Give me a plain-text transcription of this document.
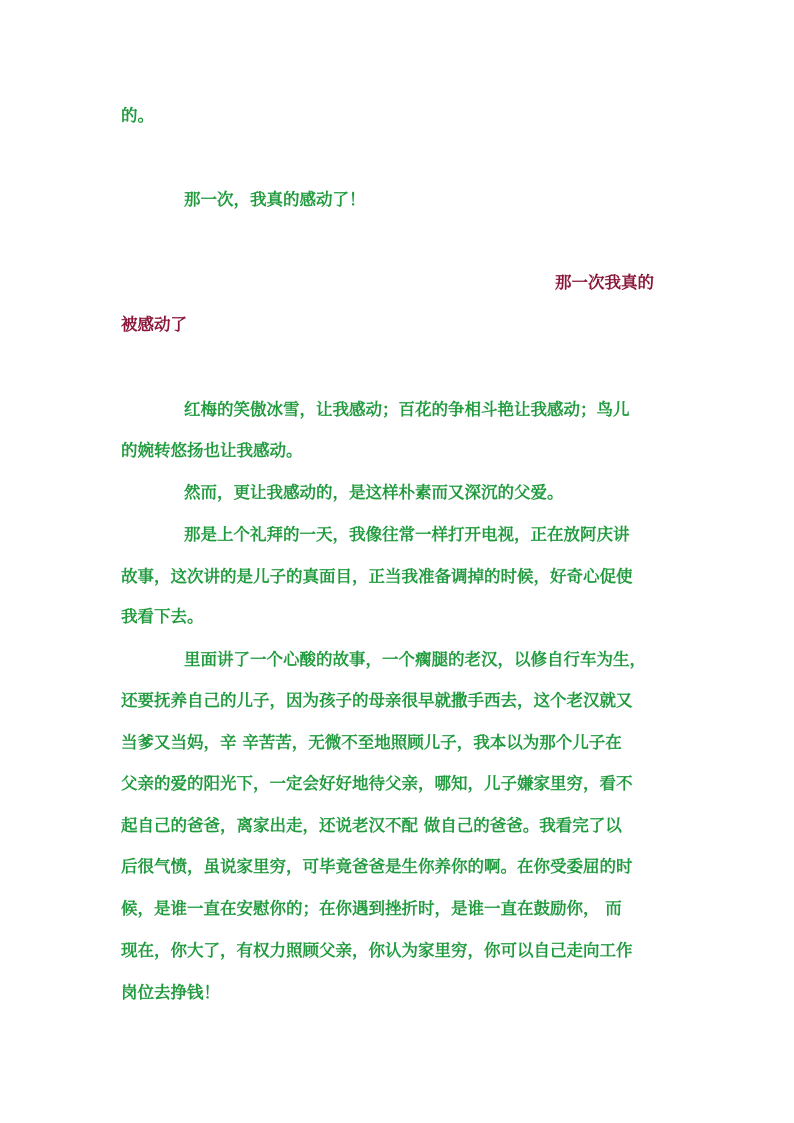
的。
那一次，我真的感动了！
那一次我真的
被感动了
红梅的笑傲冰雪，让我感动；百花的争相斗艳让我感动；鸟儿
的婉转悠扬也让我感动。
然而，更让我感动的，是这样朴素而又深沉的父爱。
那是上个礼拜的一天，我像往常一样打开电视，正在放阿庆讲
故事，这次讲的是儿子的真面目，正当我准备调掉的时候，好奇心促使
我看下去。
里面讲了一个心酸的故事，一个瘸腿的老汉，以修自行车为生，
还要抚养自己的儿子，因为孩子的母亲很早就撒手西去，这个老汉就又
当爹又当妈，辛 辛苦苦，无微不至地照顾儿子，我本以为那个儿子在
父亲的爱的阳光下，一定会好好地待父亲，哪知，儿子嫌家里穷，看不
起自己的爸爸，离家出走，还说老汉不配 做自己的爸爸。我看完了以
后很气愤，虽说家里穷，可毕竟爸爸是生你养你的啊。在你受委屈的时
候，是谁一直在安慰你的；在你遇到挫折时，是谁一直在鼓励你， 而
现在，你大了，有权力照顾父亲，你认为家里穷，你可以自己走向工作
岗位去挣钱！
